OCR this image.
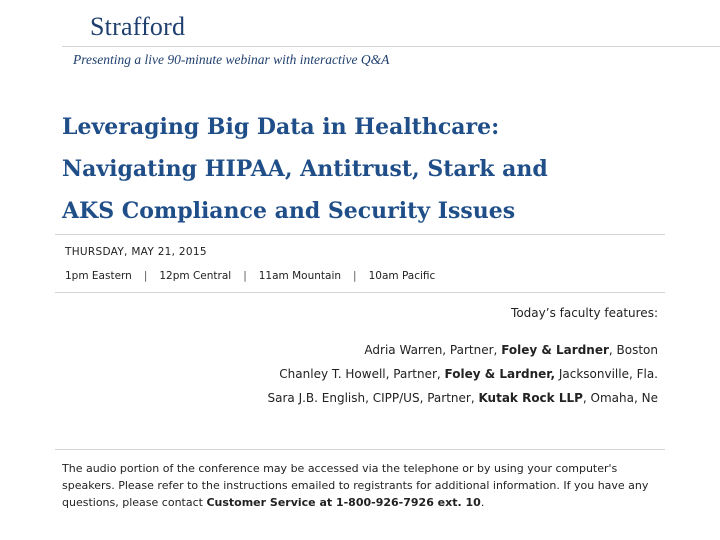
Strafford
Presenting a live 90-minute webinar with interactive Q&A
Leveraging Big Data in Healthcare:
Navigating HIPAA, Antitrust, Stark and
AKS Compliance and Security Issues
THURSDAY, MAY 21, 2015
1pm Eastern | 12pm Central | 11am Mountain | 10am Pacific
Today’s faculty features:
Adria Warren, Partner, Foley & Lardner, Boston
Chanley T. Howell, Partner, Foley & Lardner, Jacksonville, Fla.
Sara J.B. English, CIPP/US, Partner, Kutak Rock LLP, Omaha, Ne
The audio portion of the conference may be accessed via the telephone or by using your computer's speakers. Please refer to the instructions emailed to registrants for additional information. If you have any questions, please contact Customer Service at 1-800-926-7926 ext. 10.
